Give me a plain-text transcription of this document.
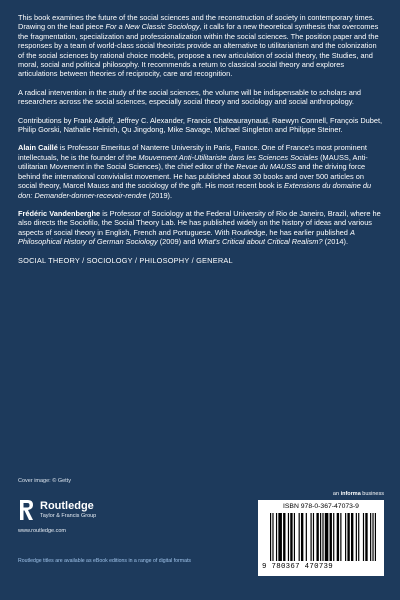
This book examines the future of the social sciences and the reconstruction of society in contemporary times. Drawing on the lead piece For a New Classic Sociology, it calls for a new theoretical synthesis that overcomes the fragmentation, specialization and professionalization within the social sciences. The position paper and the responses by a team of world-class social theorists provide an alternative to utilitarianism and the colonization of the social sciences by rational choice models, propose a new articulation of social theory, the Studies, and moral, social and political philosophy. It recommends a return to classical social theory and explores articulations between theories of reciprocity, care and recognition.

A radical intervention in the study of the social sciences, the volume will be indispensable to scholars and researchers across the social sciences, especially social theory and sociology and social anthropology.

Contributions by Frank Adloff, Jeffrey C. Alexander, Francis Chateauraynaud, Raewyn Connell, François Dubet, Philip Gorski, Nathalie Heinich, Qu Jingdong, Mike Savage, Michael Singleton and Philippe Steiner.

Alain Caillé is Professor Emeritus of Nanterre University in Paris, France. One of France's most prominent intellectuals, he is the founder of the Mouvement Anti-Utilitariste dans les Sciences Sociales (MAUSS, Anti-utilitarian Movement in the Social Sciences), the chief editor of the Revue du MAUSS and the driving force behind the international convivialist movement. He has published about 30 books and over 500 articles on social theory, Marcel Mauss and the sociology of the gift. His most recent book is Extensions du domaine du don: Demander-donner-recevoir-rendre (2019).

Frédéric Vandenberghe is Professor of Sociology at the Federal University of Rio de Janeiro, Brazil, where he also directs the Sociofilo, the Social Theory Lab. He has published widely on the history of ideas and various aspects of social theory in English, French and Portuguese. With Routledge, he has earlier published A Philosophical History of German Sociology (2009) and What's Critical about Critical Realism? (2014).

SOCIAL THEORY / SOCIOLOGY / PHILOSOPHY / GENERAL

Cover image: © Getty
an informa business
Routledge
Taylor & Francis Group
www.routledge.com
Routledge titles are available as eBook editions in a range of digital formats
ISBN 978-0-367-47073-9
9 780367 470739
